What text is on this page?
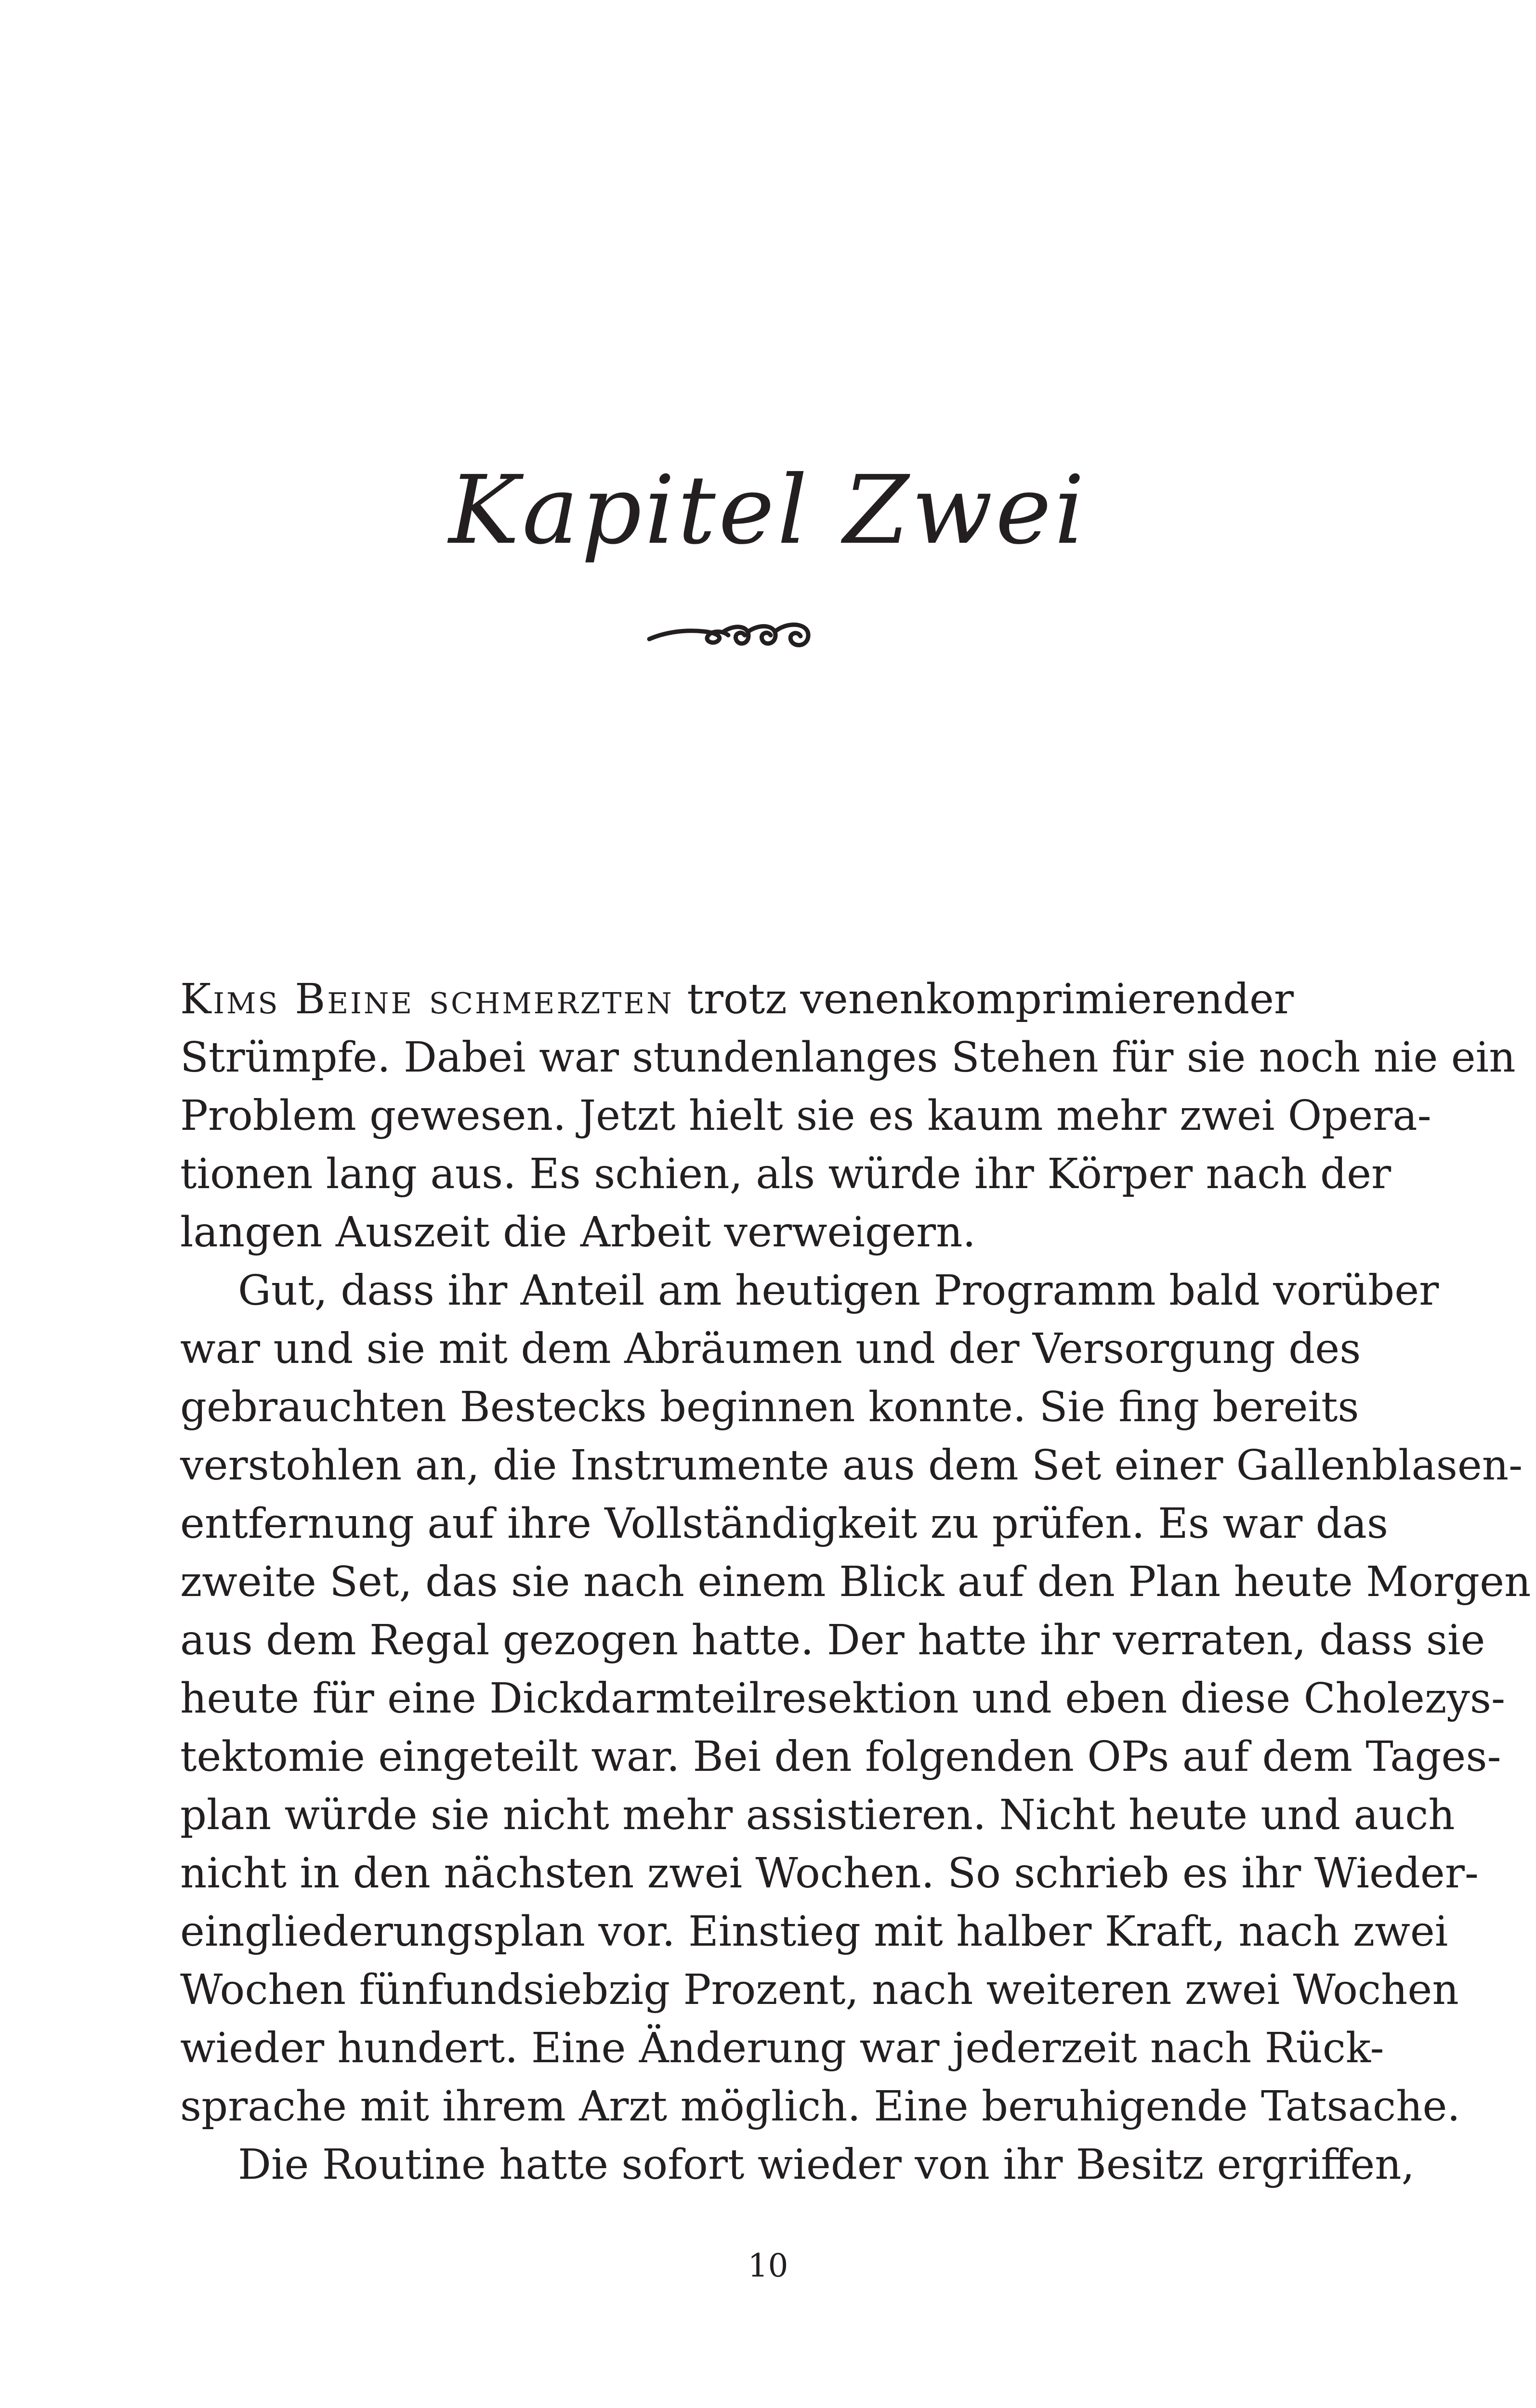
Kapitel Zwei
Kims Beine schmerzten trotz venenkomprimierender
Strümpfe. Dabei war stundenlanges Stehen für sie noch nie ein
Problem gewesen. Jetzt hielt sie es kaum mehr zwei Opera-
tionen lang aus. Es schien, als würde ihr Körper nach der
langen Auszeit die Arbeit verweigern.
Gut, dass ihr Anteil am heutigen Programm bald vorüber
war und sie mit dem Abräumen und der Versorgung des
gebrauchten Bestecks beginnen konnte. Sie fing bereits
verstohlen an, die Instrumente aus dem Set einer Gallenblasen-
entfernung auf ihre Vollständigkeit zu prüfen. Es war das
zweite Set, das sie nach einem Blick auf den Plan heute Morgen
aus dem Regal gezogen hatte. Der hatte ihr verraten, dass sie
heute für eine Dickdarmteilresektion und eben diese Cholezys-
tektomie eingeteilt war. Bei den folgenden OPs auf dem Tages-
plan würde sie nicht mehr assistieren. Nicht heute und auch
nicht in den nächsten zwei Wochen. So schrieb es ihr Wieder-
eingliederungsplan vor. Einstieg mit halber Kraft, nach zwei
Wochen fünfundsiebzig Prozent, nach weiteren zwei Wochen
wieder hundert. Eine Änderung war jederzeit nach Rück-
sprache mit ihrem Arzt möglich. Eine beruhigende Tatsache.
Die Routine hatte sofort wieder von ihr Besitz ergriffen,
10
